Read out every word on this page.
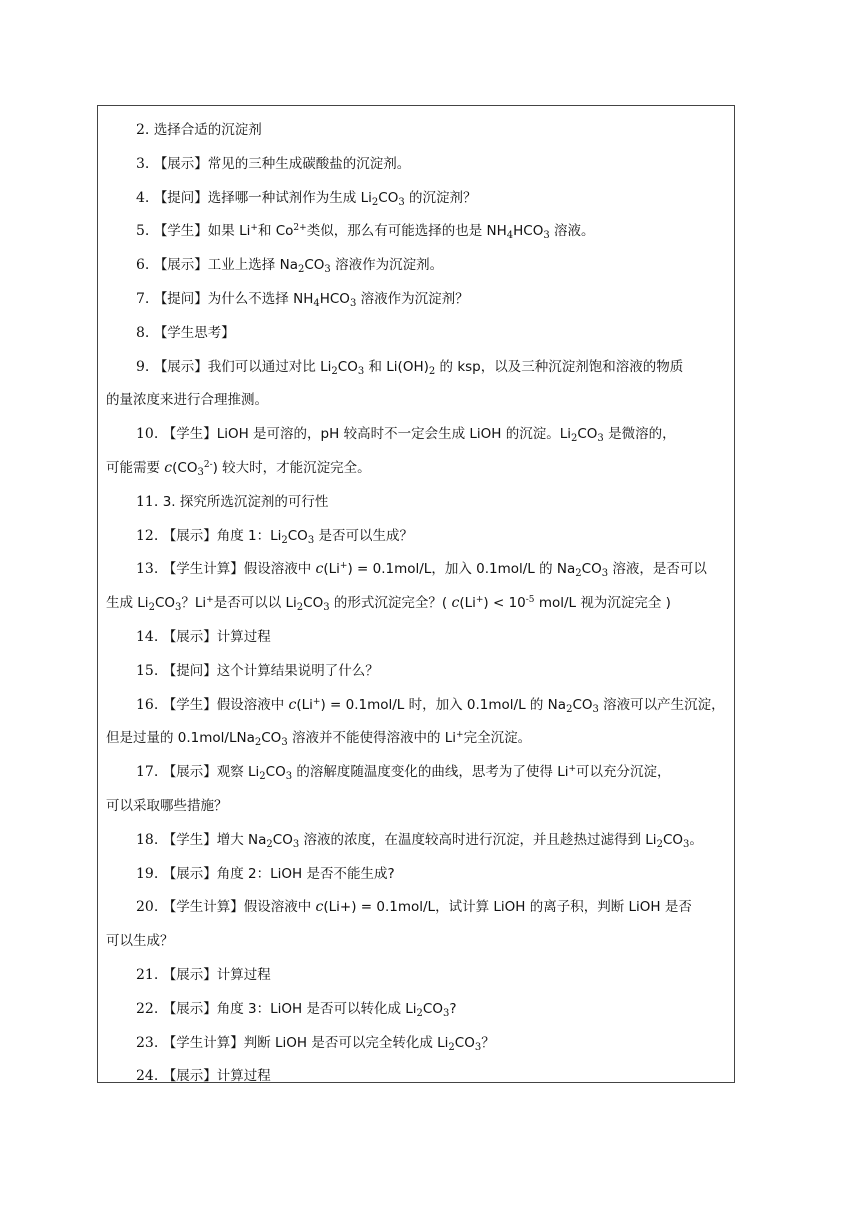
2. 选择合适的沉淀剂
3. 【展示】常见的三种生成碳酸盐的沉淀剂。
4. 【提问】选择哪一种试剂作为生成 $Li_2CO_3$ 的沉淀剂？
5. 【学生】如果 Li+和 $Co^{2+}$类似，那么有可能选择的也是 $NH_4HCO_3$ 溶液。
6. 【展示】工业上选择 $Na_2CO_3$ 溶液作为沉淀剂。
7. 【提问】为什么不选择 $NH_4HCO_3$ 溶液作为沉淀剂？
8. 【学生思考】
9. 【展示】我们可以通过对比 $Li_2CO_3$ 和 $Li(OH)_2$ 的 ksp，以及三种沉淀剂饱和溶液的物质
的量浓度来进行合理推测。
10. 【学生】LiOH 是可溶的，pH 较高时不一定会生成 LiOH 的沉淀。$Li_2CO_3$ 是微溶的，
可能需要 $c(CO_3^{2-})$ 较大时，才能沉淀完全。
11. 3. 探究所选沉淀剂的可行性
12. 【展示】角度 1：$Li_2CO_3$ 是否可以生成？
13. 【学生计算】假设溶液中 c(Li+) = 0.1mol/L，加入 0.1mol/L 的 $Na_2CO_3$ 溶液，是否可以
生成 $Li_2CO_3$？Li+是否可以以 $Li_2CO_3$ 的形式沉淀完全？( $c(Li^+) < 10^{-5}$ mol/L 视为沉淀完全 )
14. 【展示】计算过程
15. 【提问】这个计算结果说明了什么？
16. 【学生】假设溶液中 c(Li+) = 0.1mol/L 时，加入 0.1mol/L 的 $Na_2CO_3$ 溶液可以产生沉淀，
但是过量的 $0.1mol/LNa_2CO_3$ 溶液并不能使得溶液中的 Li+完全沉淀。
17. 【展示】观察 $Li_2CO_3$ 的溶解度随温度变化的曲线，思考为了使得 Li+可以充分沉淀，
可以采取哪些措施？
18. 【学生】增大 $Na_2CO_3$ 溶液的浓度，在温度较高时进行沉淀，并且趁热过滤得到 $Li_2CO_3$。
19. 【展示】角度 2：LiOH 是否不能生成?
20. 【学生计算】假设溶液中 c(Li+) = 0.1mol/L，试计算 LiOH 的离子积，判断 LiOH 是否
可以生成？
21. 【展示】计算过程
22. 【展示】角度 3：LiOH 是否可以转化成 $Li_2CO_3$?
23. 【学生计算】判断 LiOH 是否可以完全转化成 $Li_2CO_3$？
24. 【展示】计算过程
